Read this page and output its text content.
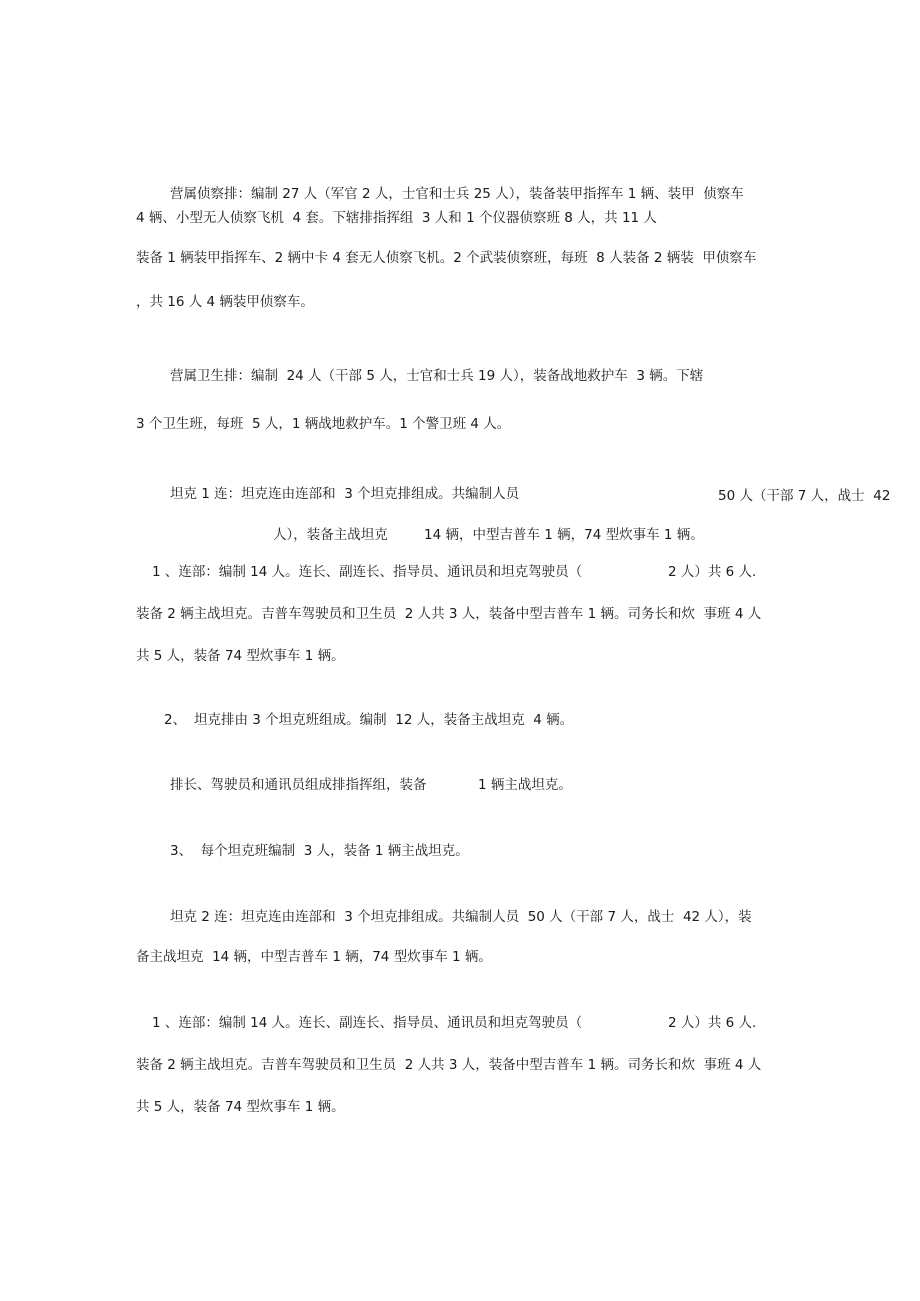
营属侦察排：编制 27 人（军官 2 人，士官和士兵 25 人），装备装甲指挥车 1 辆、装甲  侦察车

4 辆、小型无人侦察飞机  4 套。下辖排指挥组  3 人和 1 个仪器侦察班 8 人，共 11 人

装备 1 辆装甲指挥车、2 辆中卡 4 套无人侦察飞机。2 个武装侦察班，每班  8 人装备 2 辆装  甲侦察车

，共 16 人 4 辆装甲侦察车。

营属卫生排：编制  24 人（干部 5 人，士官和士兵 19 人），装备战地救护车  3 辆。下辖

3 个卫生班，每班  5 人，1 辆战地救护车。1 个警卫班 4 人。

坦克 1 连：坦克连由连部和  3 个坦克排组成。共编制人员	50 人（干部 7 人，战士  42

人），装备主战坦克	14 辆，中型吉普车 1 辆，74 型炊事车 1 辆。

1 、连部：编制 14 人。连长、副连长、指导员、通讯员和坦克驾驶员（	2 人）共 6 人.

装备 2 辆主战坦克。吉普车驾驶员和卫生员  2 人共 3 人，装备中型吉普车 1 辆。司务长和炊  事班 4 人

共 5 人，装备 74 型炊事车 1 辆。

2、 坦克排由 3 个坦克班组成。编制  12 人，装备主战坦克  4 辆。

排长、驾驶员和通讯员组成排指挥组，装备	1 辆主战坦克。

3、  每个坦克班编制  3 人，装备 1 辆主战坦克。

坦克 2 连：坦克连由连部和  3 个坦克排组成。共编制人员  50 人（干部 7 人，战士  42 人），装

备主战坦克  14 辆，中型吉普车 1 辆，74 型炊事车 1 辆。

1 、连部：编制 14 人。连长、副连长、指导员、通讯员和坦克驾驶员（	2 人）共 6 人.

装备 2 辆主战坦克。吉普车驾驶员和卫生员  2 人共 3 人，装备中型吉普车 1 辆。司务长和炊  事班 4 人

共 5 人，装备 74 型炊事车 1 辆。
